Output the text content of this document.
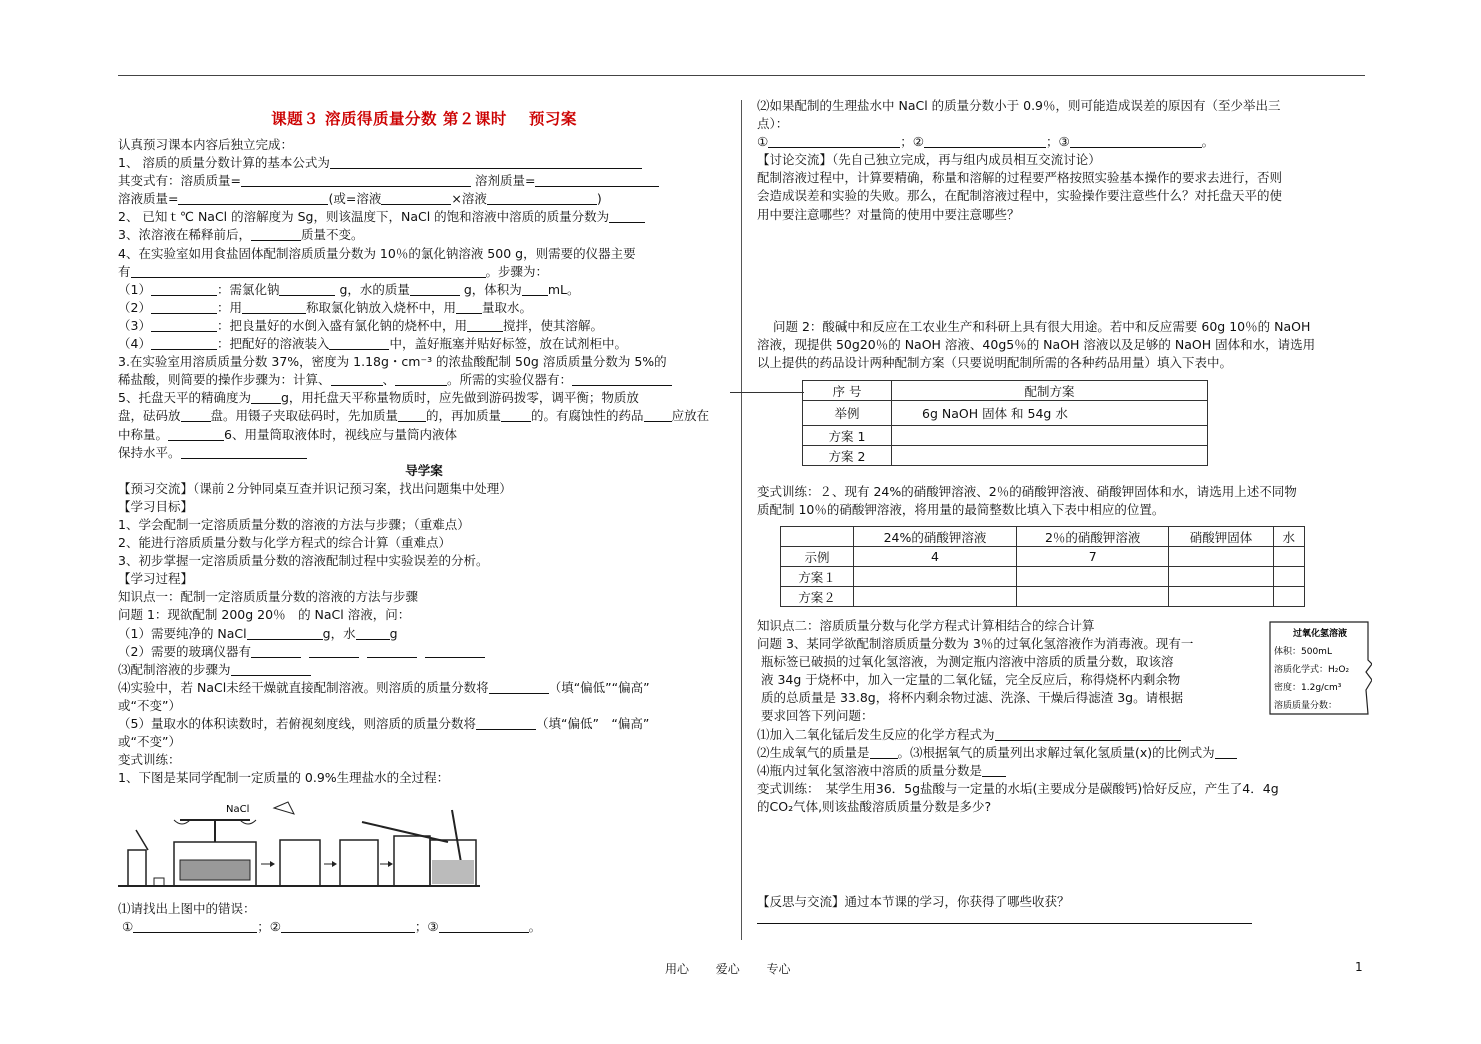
课题３ 溶质得质量分数 第２课时　 预习案
认真预习课本内容后独立完成：
1、 溶质的质量分数计算的基本公式为
其变式有：溶质质量=	溶剂质量=
溶液质量=	(或=溶液	×溶液	)
2、 已知ｔ℃ NaCl 的溶解度为 Sg，则该温度下，NaCl 的饱和溶液中溶质的质量分数为
3、浓溶液在稀释前后，	质量不变。
4、在实验室如用食盐固体配制溶质质量分数为 10％的氯化钠溶液 500 g，则需要的仪器主要
有	。步骤为：
（1）	：需氯化钠	g，水的质量	g，体积为 mL。
（2）	：用	称取氯化钠放入烧杯中，用 量取水。
（3）	：把良量好的水倒入盛有氯化钠的烧杯中，用	搅拌，使其溶解。
（4）	：把配好的溶液装入	中，盖好瓶塞并贴好标签，放在试剂柜中。
3.在实验室用溶质质量分数 37%，密度为 1.18g・cm⁻³ 的浓盐酸配制 50g 溶质质量分数为 5%的
稀盐酸，则简要的操作步骤为：计算、	、	。所需的实验仪器有：
5、托盘天平的精确度为 g，用托盘天平称量物质时，应先做到游码拨零，调平衡；物质放
盘，砝码放 盘。用镊子夹取砝码时，先加质量 的，再加质量 的。有腐蚀性的药品 应放在
中称量。	6、用量筒取液体时，视线应与量筒内液体
保持水平。
导学案
【预习交流】（课前２分钟同桌互查并识记预习案，找出问题集中处理）
【学习目标】
1、学会配制一定溶质质量分数的溶液的方法与步骤；（重难点）
2、能进行溶质质量分数与化学方程式的综合计算（重难点）
3、初步掌握一定溶质质量分数的溶液配制过程中实验误差的分析。
【学习过程】
知识点一：配制一定溶质质量分数的溶液的方法与步骤
问题 1：现欲配制 200g 20％　的 NaCl 溶液，问：
（1）需要纯净的 NaCl	g，水	g
（2）需要的玻璃仪器有
⑶配制溶液的步骤为
⑷实验中，若 NaCl未经干燥就直接配制溶液。则溶质的质量分数将	（填“偏低”“偏高”
或“不变”）
（5）量取水的体积读数时，若俯视刻度线，则溶质的质量分数将	（填“偏低”　“偏高”
或“不变”）
变式训练：
1、下图是某同学配制一定质量的 0.9%生理盐水的全过程：
NaCl
⑴请找出上图中的错误：
①	；②	；③	。
⑵如果配制的生理盐水中 NaCl 的质量分数小于 0.9％，则可能造成误差的原因有（至少举出三
点）：
①	；②	；③	。
【讨论交流】（先自己独立完成，再与组内成员相互交流讨论）
配制溶液过程中，计算要精确，称量和溶解的过程要严格按照实验基本操作的要求去进行，否则
会造成误差和实验的失败。那么，在配制溶液过程中，实验操作要注意些什么？对托盘天平的使
用中要注意哪些？对量筒的使用中要注意哪些？
问题 2：酸碱中和反应在工农业生产和科研上具有很大用途。若中和反应需要 60g 10％的 NaOH
溶液，现提供 50g20％的 NaOH 溶液、40g5％的 NaOH 溶液以及足够的 NaOH 固体和水，请选用
以上提供的药品设计两种配制方案（只要说明配制所需的各种药品用量）填入下表中。
序 号	配制方案
举例	6g NaOH 固体 和 54g 水
方案 1	
方案 2	
变式训练：２、现有 24%的硝酸钾溶液、2％的硝酸钾溶液、硝酸钾固体和水，请选用上述不同物
质配制 10％的硝酸钾溶液，将用量的最简整数比填入下表中相应的位置。
	24%的硝酸钾溶液	2％的硝酸钾溶液	硝酸钾固体	水
示例	4	7		
方案１				
方案２				
知识点二：溶质质量分数与化学方程式计算相结合的综合计算
问题 3、某同学欲配制溶质质量分数为 3％的过氧化氢溶液作为消毒液。现有一
瓶标签已破损的过氧化氢溶液，为测定瓶内溶液中溶质的质量分数，取该溶
液 34g 于烧杯中，加入一定量的二氧化锰，完全反应后，称得烧杯内剩余物
质的总质量是 33.8g，将杯内剩余物过滤、洗涤、干燥后得滤渣 3g。请根据
要求回答下列问题：
⑴加入二氧化锰后发生反应的化学方程式为
⑵生成氧气的质量是 。⑶根据氧气的质量列出求解过氧化氢质量(x)的比例式为
⑷瓶内过氧化氢溶液中溶质的质量分数是
变式训练：　某学生用36．5g盐酸与一定量的水垢(主要成分是碳酸钙)恰好反应，产生了4．4g
的CO₂气体,则该盐酸溶质质量分数是多少?
过氧化氢溶液
体积：500mL
溶质化学式：H₂O₂
密度：1.2g/cm³
溶质质量分数：
【反思与交流】通过本节课的学习，你获得了哪些收获？
用心 爱心 专心	1
